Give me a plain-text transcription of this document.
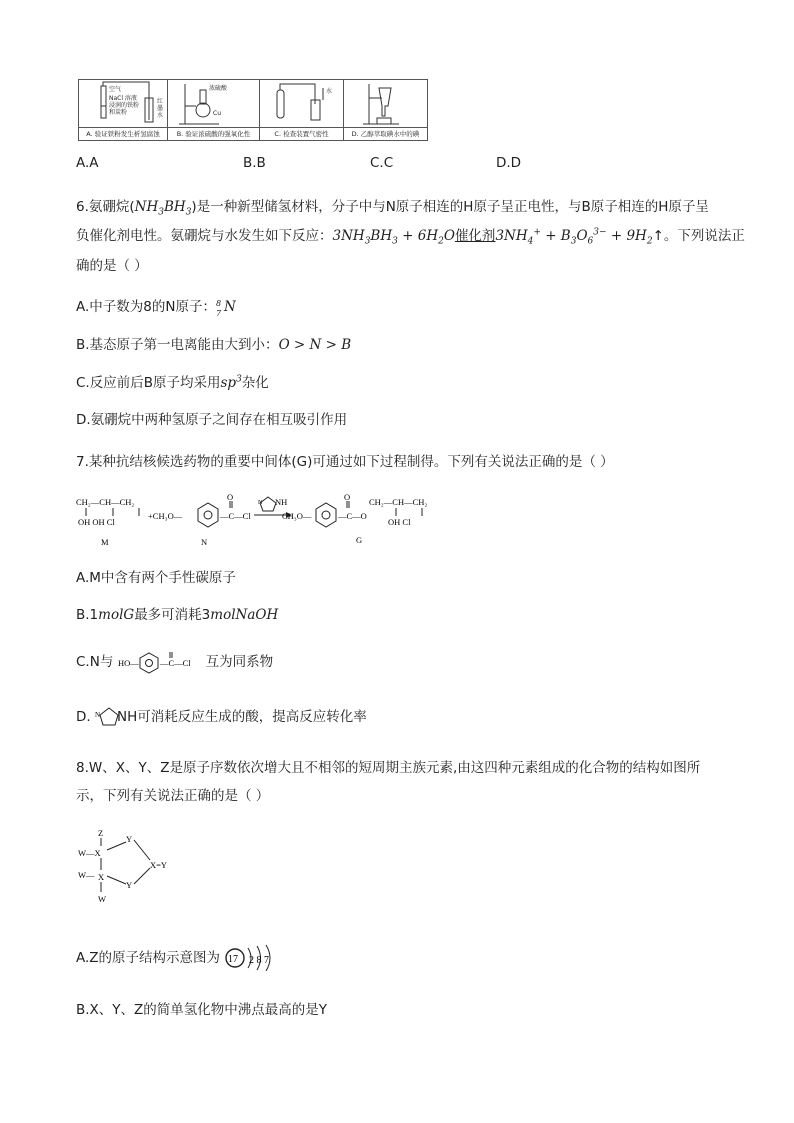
空气
NaCl 溶液
浸润的铁粉
和炭粉
红
墨
水
浓硫酸
Cu
水
A. 验证铁粉发生析氢腐蚀	B. 验证浓硫酸的强氧化性	C. 检查装置气密性	D. 乙醇萃取碘水中的碘
A.A	B.B	C.C	D.D
6.氨硼烷$(NH_3BH_3)$是一种新型储氢材料，分子中与N原子相连的H原子呈正电性，与B原子相连的H原子呈
负催化剂电性。氨硼烷与水发生如下反应：$3NH_3BH_3 + 6H_2O$催化剂$3NH_4^+ + B_3O_6^{3-}$ + $9H_2↑$。下列说法正
确的是（ ）
A.中子数为8的N原子： 8
7 N
B.基态原子第一电离能由大到小：O > N > B
C.反应前后B原子均采用$sp^3$杂化
D.氨硼烷中两种氢原子之间存在相互吸引作用
7.某种抗结核候选药物的重要中间体(G)可通过如下过程制得。下列有关说法正确的是（ ）
CH₂—CH—CH₂
OH OH Cl
+CH₃O—	—C—Cl
O	NH
N
CH₃O—	—C—O
O CH₂—CH—CH₂
OH Cl
M	N	G
A.M中含有两个手性碳原子
B.1molG最多可消耗3molNaOH
C.N与 HO— —C—Cl 互为同系物
D. N NH可消耗反应生成的酸，提高反应转化率
8.W、X、Y、Z是原子序数依次增大且不相邻的短周期主族元素,由这四种元素组成的化合物的结构如图所
示，下列有关说法正确的是（ ）
Z
W—X
X
W—
W
Y
Y
X=Y
A.Z的原子结构示意图为 17 2 8 7
B.X、Y、Z的简单氢化物中沸点最高的是Y
